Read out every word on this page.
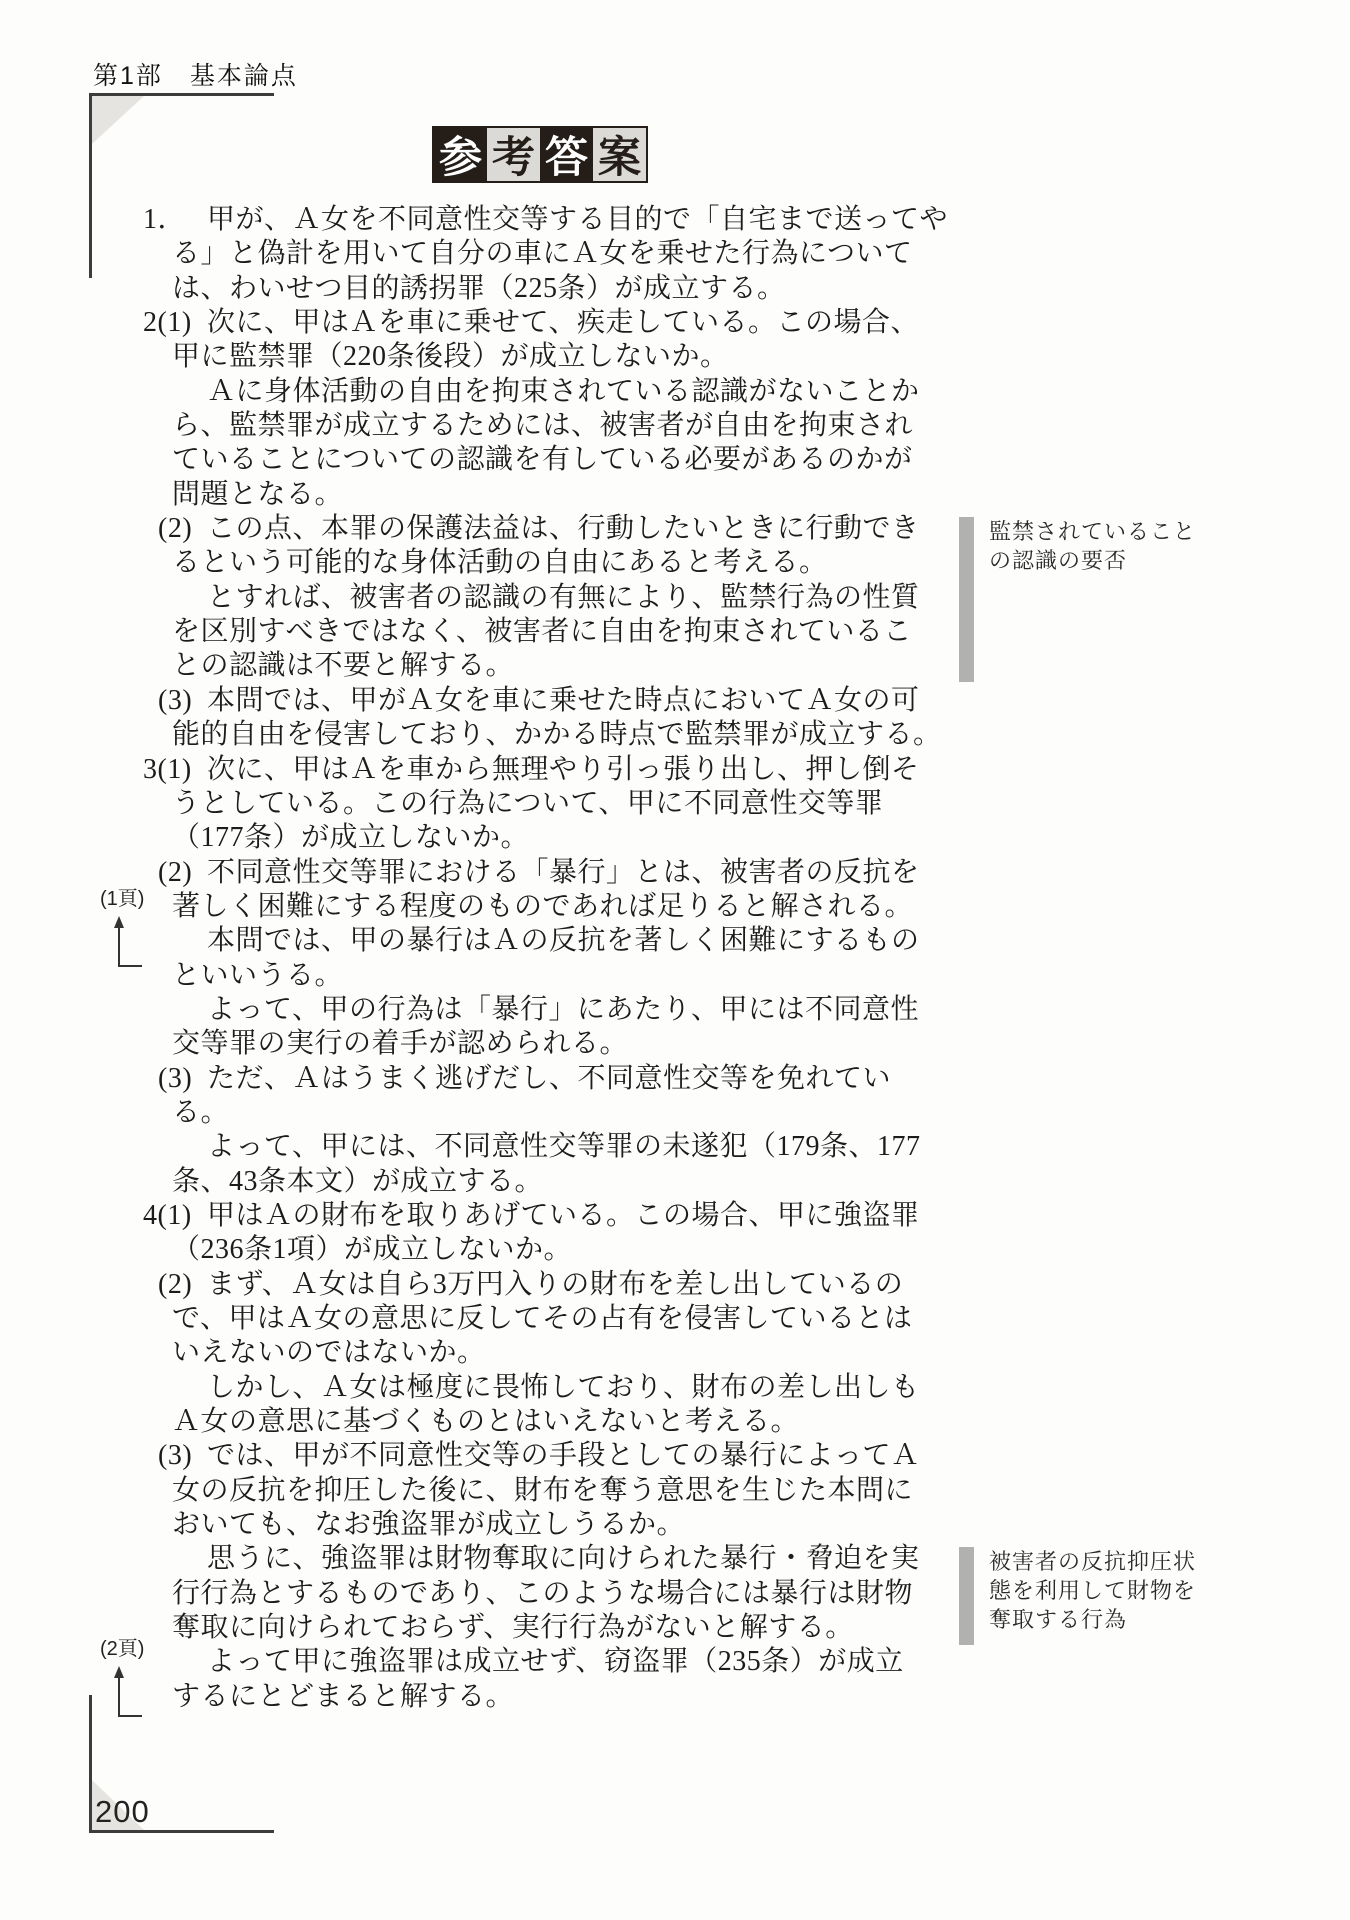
第1部　基本論点
参 考 答 案
1． 甲が、Ａ女を不同意性交等する目的で「自宅まで送ってや
る」と偽計を用いて自分の車にＡ女を乗せた行為について
は、わいせつ目的誘拐罪（225条）が成立する。
2(1) 次に、甲はＡを車に乗せて、疾走している。この場合、
甲に監禁罪（220条後段）が成立しないか。
Ａに身体活動の自由を拘束されている認識がないことか
ら、監禁罪が成立するためには、被害者が自由を拘束され
ていることについての認識を有している必要があるのかが
問題となる。
(2) この点、本罪の保護法益は、行動したいときに行動でき
るという可能的な身体活動の自由にあると考える。
とすれば、被害者の認識の有無により、監禁行為の性質
を区別すべきではなく、被害者に自由を拘束されているこ
との認識は不要と解する。
(3) 本問では、甲がＡ女を車に乗せた時点においてＡ女の可
能的自由を侵害しており、かかる時点で監禁罪が成立する。
3(1) 次に、甲はＡを車から無理やり引っ張り出し、押し倒そ
うとしている。この行為について、甲に不同意性交等罪
（177条）が成立しないか。
(2) 不同意性交等罪における「暴行」とは、被害者の反抗を
著しく困難にする程度のものであれば足りると解される。
本問では、甲の暴行はＡの反抗を著しく困難にするもの
といいうる。
よって、甲の行為は「暴行」にあたり、甲には不同意性
交等罪の実行の着手が認められる。
(3) ただ、Ａはうまく逃げだし、不同意性交等を免れてい
る。
よって、甲には、不同意性交等罪の未遂犯（179条、177
条、43条本文）が成立する。
4(1) 甲はＡの財布を取りあげている。この場合、甲に強盗罪
（236条1項）が成立しないか。
(2) まず、Ａ女は自ら3万円入りの財布を差し出しているの
で、甲はＡ女の意思に反してその占有を侵害しているとは
いえないのではないか。
しかし、Ａ女は極度に畏怖しており、財布の差し出しも
Ａ女の意思に基づくものとはいえないと考える。
(3) では、甲が不同意性交等の手段としての暴行によってＡ
女の反抗を抑圧した後に、財布を奪う意思を生じた本問に
おいても、なお強盗罪が成立しうるか。
思うに、強盗罪は財物奪取に向けられた暴行・脅迫を実
行行為とするものであり、このような場合には暴行は財物
奪取に向けられておらず、実行行為がないと解する。
よって甲に強盗罪は成立せず、窃盗罪（235条）が成立
するにとどまると解する。
監禁されていること
の認識の要否
被害者の反抗抑圧状
態を利用して財物を
奪取する行為
(1頁)
(2頁)
200
